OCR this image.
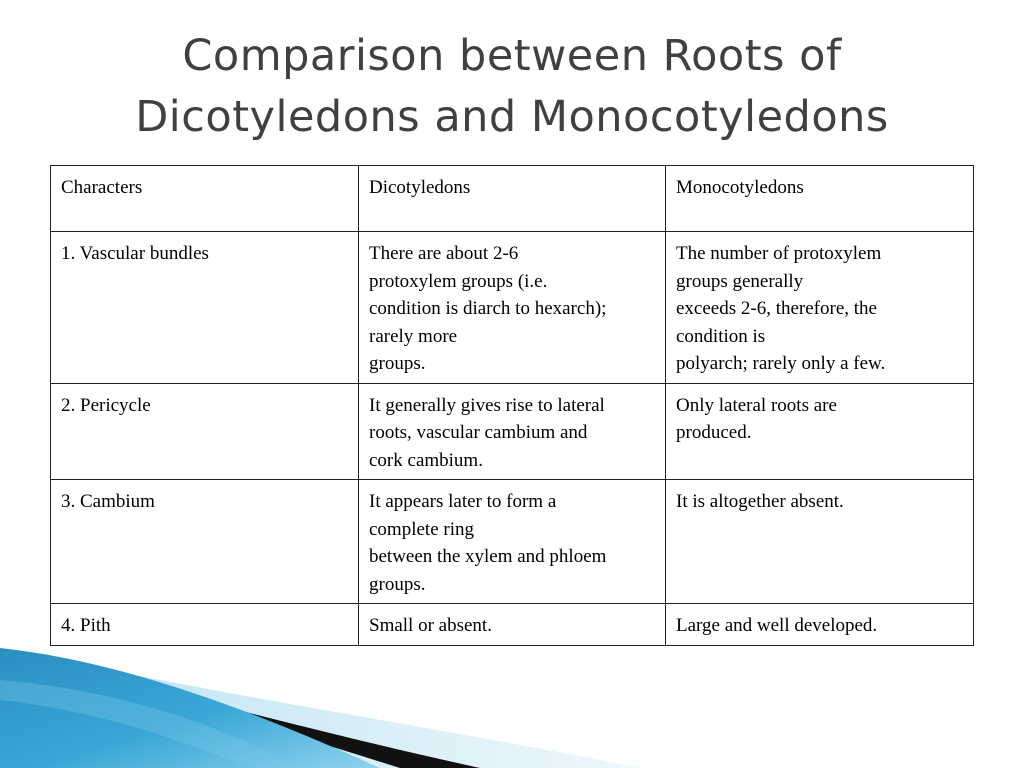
Comparison between Roots of
Dicotyledons and Monocotyledons
Characters	Dicotyledons	Monocotyledons
1. Vascular bundles	There are about 2-6
protoxylem groups (i.e.
condition is diarch to hexarch);
rarely more
groups.	The number of protoxylem
groups generally
exceeds 2-6, therefore, the
condition is
polyarch; rarely only a few.

2. Pericycle	It generally gives rise to lateral
roots, vascular cambium and
cork cambium.	Only lateral roots are
produced.

3. Cambium	It appears later to form a
complete ring
between the xylem and phloem
groups.	It is altogether absent.

4. Pith	Small or absent.	Large and well developed.
